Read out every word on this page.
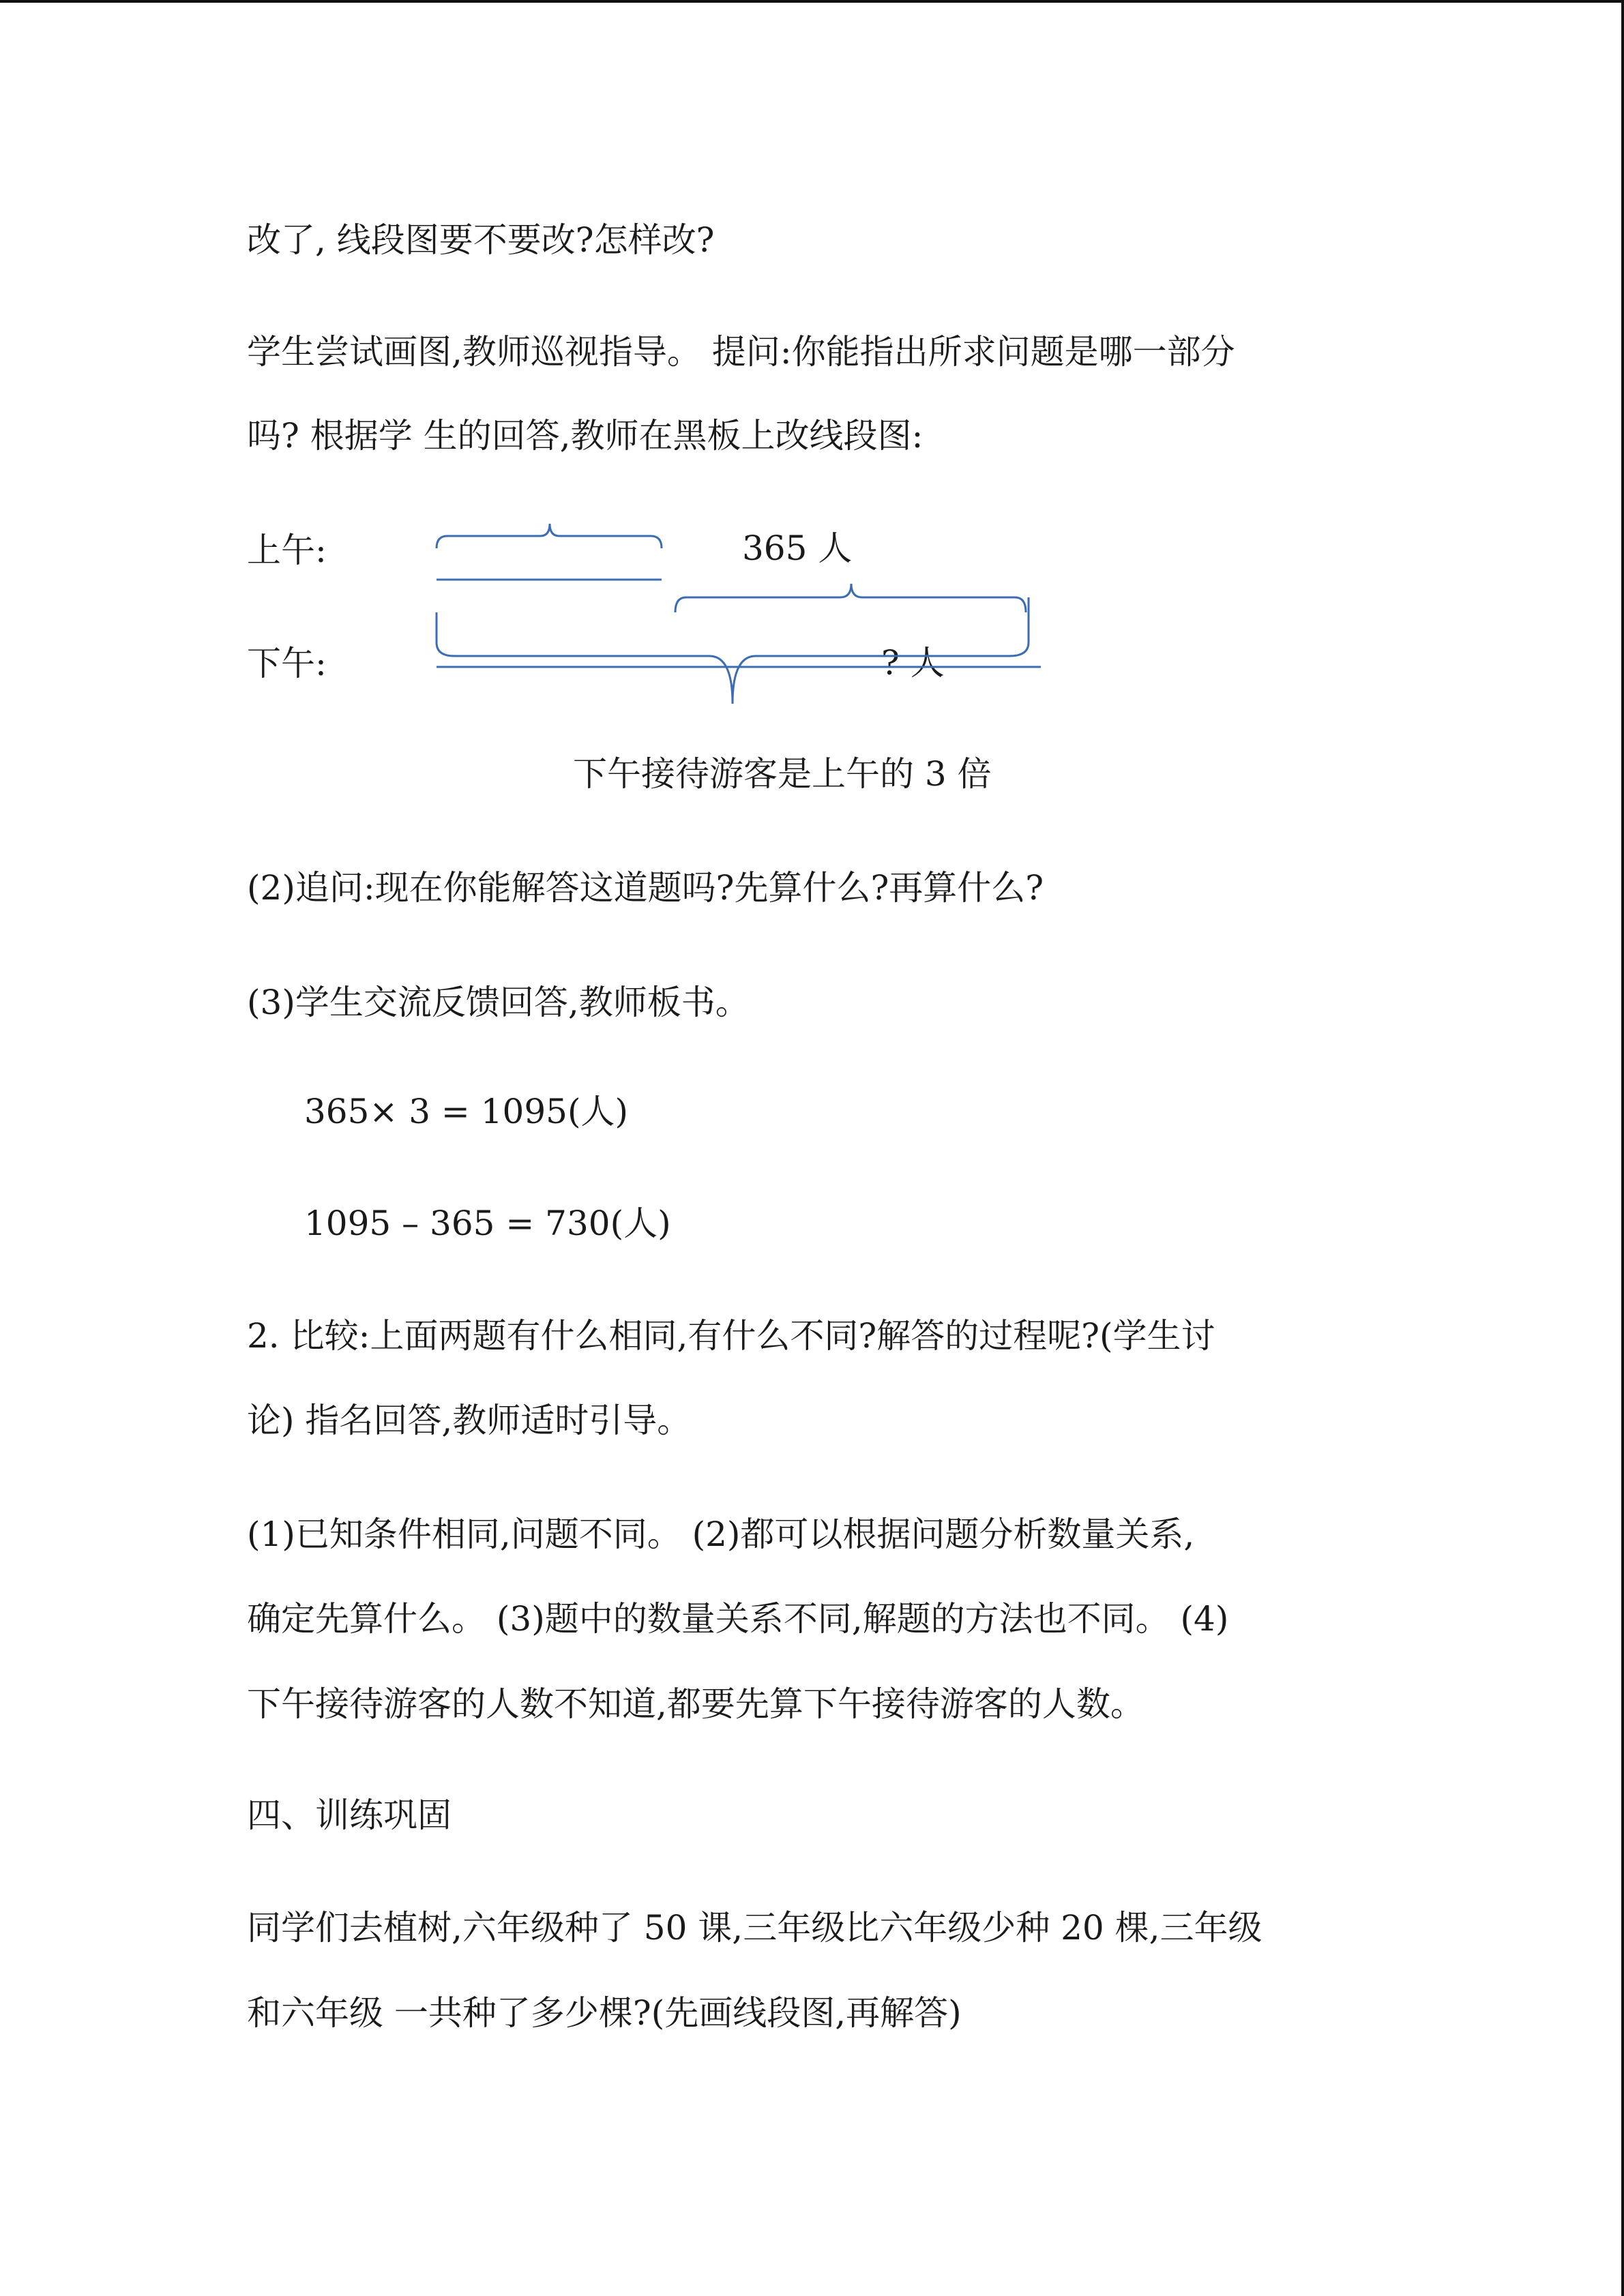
改了, 线段图要不要改?怎样改?

学生尝试画图,教师巡视指导。 提问:你能指出所求问题是哪一部分

吗? 根据学 生的回答,教师在黑板上改线段图:

上午:
下午:
365 人
? 人

下午接待游客是上午的 3 倍

(2)追问:现在你能解答这道题吗?先算什么?再算什么?

(3)学生交流反馈回答,教师板书。

365× 3 = 1095(人)

1095 – 365 = 730(人)

2. 比较:上面两题有什么相同,有什么不同?解答的过程呢?(学生讨

论) 指名回答,教师适时引导。

(1)已知条件相同,问题不同。 (2)都可以根据问题分析数量关系,

确定先算什么。 (3)题中的数量关系不同,解题的方法也不同。 (4)

下午接待游客的人数不知道,都要先算下午接待游客的人数。

四、训练巩固

同学们去植树,六年级种了 50 课,三年级比六年级少种 20 棵,三年级

和六年级 一共种了多少棵?(先画线段图,再解答)
